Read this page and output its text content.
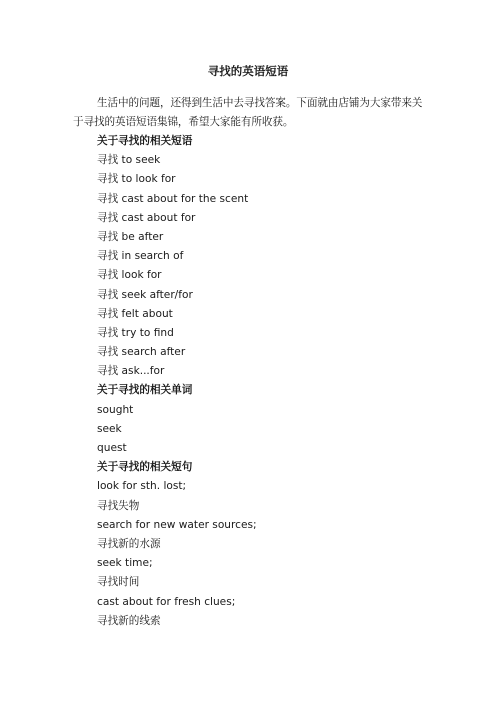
寻找的英语短语
生活中的问题，还得到生活中去寻找答案。下面就由店铺为大家带来关于寻找的英语短语集锦，希望大家能有所收获。
关于寻找的相关短语
寻找 to seek
寻找 to look for
寻找 cast about for the scent
寻找 cast about for
寻找 be after
寻找 in search of
寻找 look for
寻找 seek after/for
寻找 felt about
寻找 try to find
寻找 search after
寻找 ask...for
关于寻找的相关单词
sought
seek
quest
关于寻找的相关短句
look for sth. lost;
寻找失物
search for new water sources;
寻找新的水源
seek time;
寻找时间
cast about for fresh clues;
寻找新的线索
